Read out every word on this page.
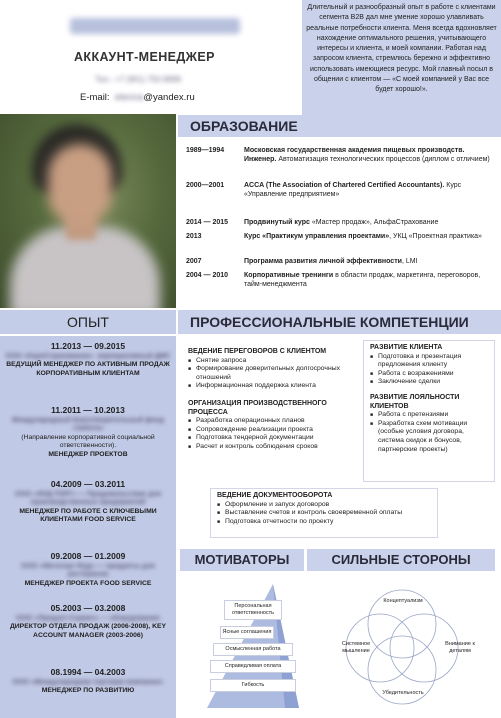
АККАУНТ-МЕНЕДЖЕР
Тел.: +7 (901) 750-9999
E-mail:  elenna@yandex.ru
Длительный и разнообразный опыт в работе с клиентами сегмента B2B дал мне умение хорошо улавливать реальные потребности клиента. Меня всегда вдохновляет нахождение оптимального решения, учитывающего интересы и клиента, и моей компании. Работая над запросом клиента, стремлюсь бережно и эффективно использовать имеющиеся ресурс. Мой главный посыл в общении с клиентом — «С моей компанией у Вас все будет хорошо!».
ОБРАЗОВАНИЕ
1989—1994	Московская государственная академия пищевых производств. Инженер. Автоматизация технологических процессов (диплом с отличием)
2000—2001	ACCA (The Association of Chartered Certified Accountants). Курс «Управление предприятием»
2014 — 2015	Продвинутый курс «Мастер продаж», АльфаСтрахование
2013	Курс «Практикум управления проектами», УКЦ «Проектная практика»
2007	Программа развития личной эффективности, LMI
2004 — 2010	Корпоративные тренинги в области продаж, маркетинга, переговоров, тайм-менеджмента
ОПЫТ
11.2013 — 09.2015
ООО «КорпСтрахование»  корпоративный ДМС
ВЕДУЩИЙ МЕНЕДЖЕР ПО АКТИВНЫМ ПРОДАЖ КОРПОРАТИВНЫМ КЛИЕНТАМ
11.2011 — 10.2013
Международный благотворительный фонд «Забота»
(Направление корпоративной социальной ответственности).
МЕНЕДЖЕР ПРОЕКТОВ
04.2009 — 03.2011
ООО «ФУД-ТОРГ» — Продовольствие для производственных предприятий
МЕНЕДЖЕР ПО РАБОТЕ С КЛЮЧЕВЫМИ КЛИЕНТАМИ FOOD SERVICE
09.2008 — 01.2009
ООО «Мегаторг-Фуд» — продукты для ресторанов
МЕНЕДЖЕР ПРОЕКТА FOOD SERVICE
05.2003 — 03.2008
ООО «Продукт-Сервис» — оборудование
ДИРЕКТОР ОТДЕЛА ПРОДАЖ (2006-2008), KEY ACCOUNT MANAGER (2003-2006)
08.1994 — 04.2003
ООО «Международная торговая компания»
МЕНЕДЖЕР ПО РАЗВИТИЮ
ПРОФЕССИОНАЛЬНЫЕ КОМПЕТЕНЦИИ
ВЕДЕНИЕ ПЕРЕГОВОРОВ С КЛИЕНТОМ
■ Снятие запроса
■ Формирование доверительных долгосрочных отношений
■ Информационная поддержка клиента
ОРГАНИЗАЦИЯ ПРОИЗВОДСТВЕННОГО ПРОЦЕССА
■ Разработка операционных планов
■ Сопровождение реализации проекта
■ Подготовка тендерной документации
■ Расчет и контроль соблюдения сроков
РАЗВИТИЕ КЛИЕНТА
■ Подготовка и презентация предложения клиенту
■ Работа с возражениями
■ Заключение сделки
РАЗВИТИЕ ЛОЯЛЬНОСТИ КЛИЕНТОВ
■ Работа с претензиями
■ Разработка схем мотивации (особые условия договора, система скидок и бонусов, партнерские проекты)
ВЕДЕНИЕ ДОКУМЕНТООБОРОТА
■ Оформление и запуск договоров
■ Выставление счетов и контроль своевременной оплаты
■ Подготовка отчетности по проекту
МОТИВАТОРЫ
Персональная ответственность
Ясные соглашения
Осмысленная работа
Справедливая оплата
Гибкость
СИЛЬНЫЕ СТОРОНЫ
Концептуализм
Внимание к деталям
Убедительность
Системное мышление
